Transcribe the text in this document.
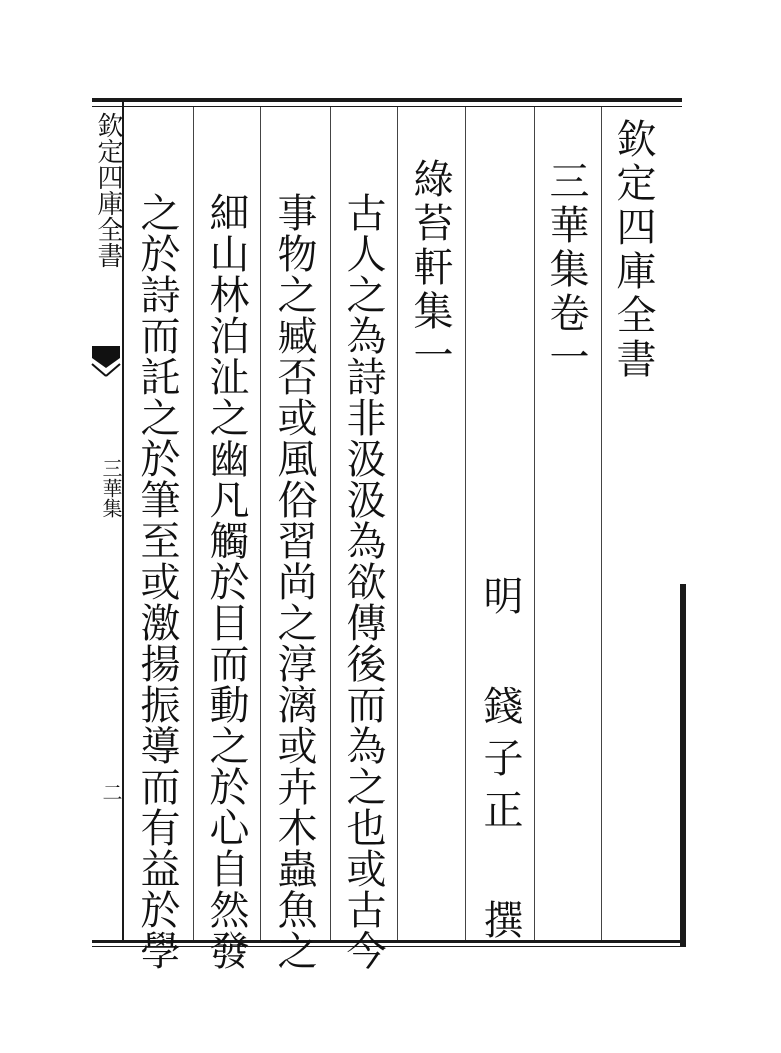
欽定四庫全書
三華集卷一
明 錢子正 撰
古人之為詩非汲汲為欲傳後而為之也或古今 綠苔軒集一
事物之臧否或風俗習尚之淳漓或卉木蟲魚之
細山林泊沚之幽凡觸於目而動之於心自然發
之於詩而託之於筆至或激揚振導而有益於學
欽定四庫全書
三華集
二
